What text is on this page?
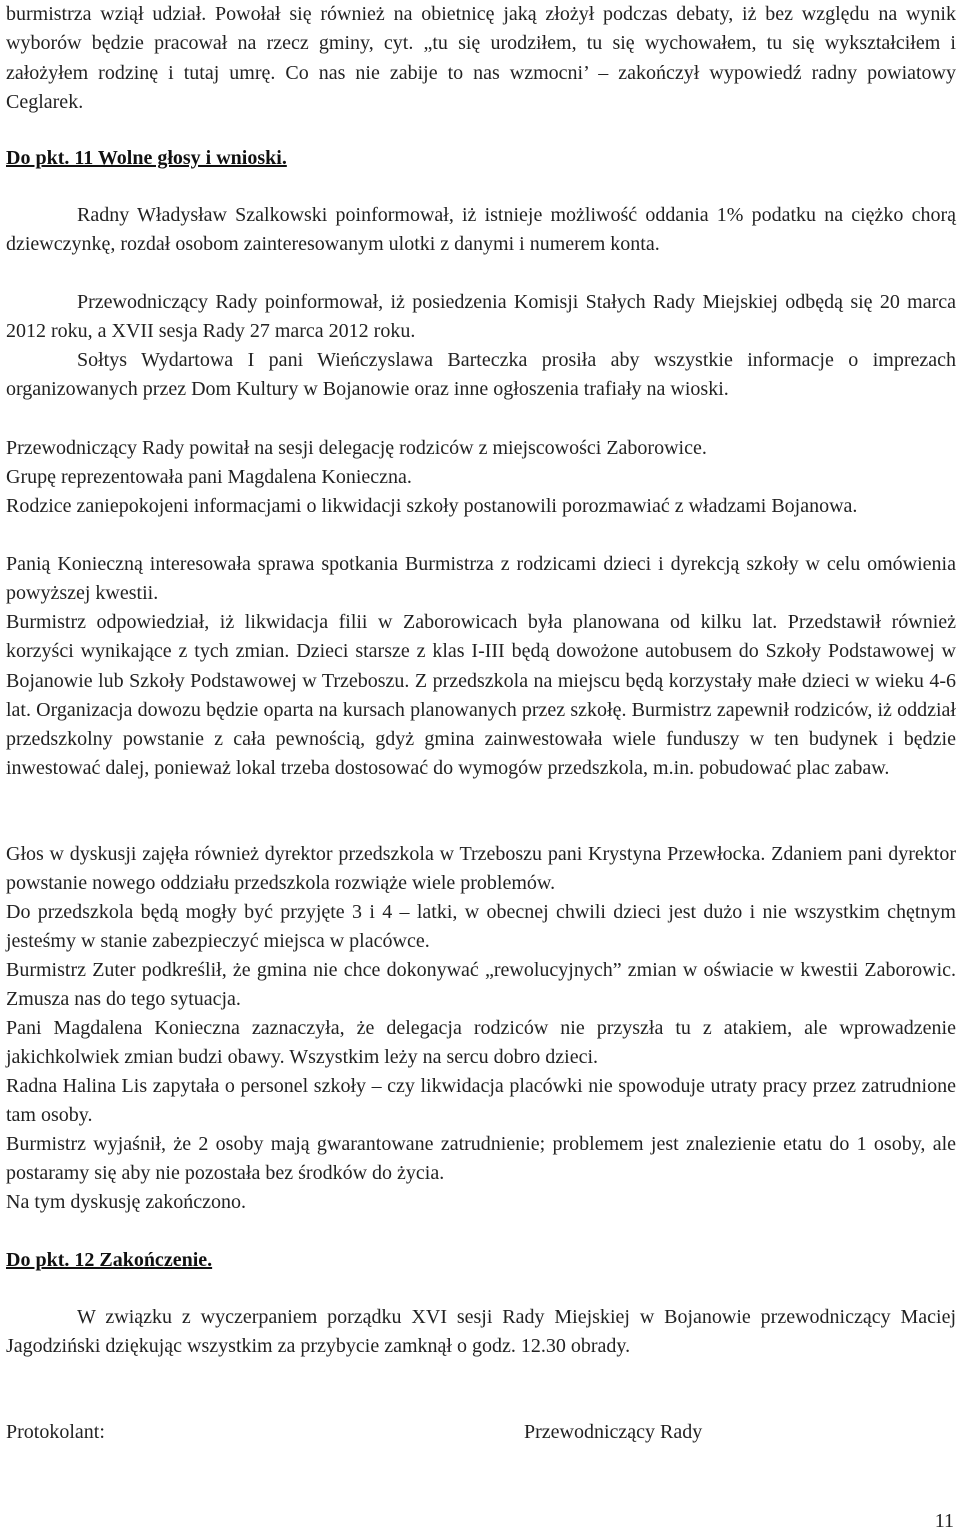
burmistrza wziął udział. Powołał się również na obietnicę jaką złożył podczas debaty, iż bez względu na wynik wyborów będzie pracował na rzecz gminy, cyt. „tu się urodziłem, tu się wychowałem, tu się wykształciłem i założyłem rodzinę i tutaj umrę. Co nas nie zabije to nas wzmocni’ – zakończył wypowiedź radny powiatowy Ceglarek.
Do pkt. 11 Wolne głosy i wnioski.
Radny Władysław Szalkowski poinformował, iż istnieje możliwość oddania 1% podatku na ciężko chorą dziewczynkę, rozdał osobom zainteresowanym ulotki z danymi i numerem konta.
Przewodniczący Rady poinformował, iż posiedzenia Komisji Stałych Rady Miejskiej odbędą się 20 marca 2012 roku, a XVII sesja Rady 27 marca 2012 roku.
Sołtys Wydartowa I pani Wieńczyslawa Barteczka prosiła aby wszystkie informacje o imprezach organizowanych przez Dom Kultury w Bojanowie oraz inne ogłoszenia trafiały na wioski.
Przewodniczący Rady powitał na sesji delegację rodziców z miejscowości Zaborowice.
Grupę reprezentowała pani Magdalena Konieczna.
Rodzice zaniepokojeni informacjami o likwidacji szkoły postanowili porozmawiać z władzami Bojanowa.
Panią Konieczną interesowała sprawa spotkania Burmistrza z rodzicami dzieci i dyrekcją szkoły w celu omówienia powyższej kwestii.
Burmistrz odpowiedział, iż likwidacja filii w Zaborowicach była planowana od kilku lat. Przedstawił również korzyści wynikające z tych zmian. Dzieci starsze z klas I-III będą dowożone autobusem do Szkoły Podstawowej w Bojanowie lub Szkoły Podstawowej w Trzeboszu. Z przedszkola na miejscu będą korzystały małe dzieci w wieku 4-6 lat. Organizacja dowozu będzie oparta na kursach planowanych przez szkołę. Burmistrz zapewnił rodziców, iż oddział przedszkolny powstanie z cała pewnością, gdyż gmina zainwestowała wiele funduszy w ten budynek i będzie inwestować dalej, ponieważ lokal trzeba dostosować do wymogów przedszkola, m.in. pobudować plac zabaw.
Głos w dyskusji zajęła również dyrektor przedszkola w Trzeboszu pani Krystyna Przewłocka. Zdaniem pani dyrektor powstanie nowego oddziału przedszkola rozwiąże wiele problemów.
Do przedszkola będą mogły być przyjęte 3 i 4 – latki, w obecnej chwili dzieci jest dużo i nie wszystkim chętnym jesteśmy w stanie zabezpieczyć miejsca w placówce.
Burmistrz Zuter podkreślił, że gmina nie chce dokonywać „rewolucyjnych” zmian w oświacie w kwestii Zaborowic. Zmusza nas do tego sytuacja.
Pani Magdalena Konieczna zaznaczyła, że delegacja rodziców nie przyszła tu z atakiem, ale wprowadzenie jakichkolwiek zmian budzi obawy. Wszystkim leży na sercu dobro dzieci.
Radna Halina Lis zapytała o personel szkoły – czy likwidacja placówki nie spowoduje utraty pracy przez zatrudnione tam osoby.
Burmistrz wyjaśnił, że 2 osoby mają gwarantowane zatrudnienie; problemem jest znalezienie etatu do 1 osoby, ale postaramy się aby nie pozostała bez środków do życia.
Na tym dyskusję zakończono.
Do pkt. 12 Zakończenie.
W związku z wyczerpaniem porządku XVI sesji Rady Miejskiej w Bojanowie przewodniczący Maciej Jagodziński dziękując wszystkim za przybycie zamknął o godz. 12.30 obrady.
Protokolant:	Przewodniczący Rady
11
